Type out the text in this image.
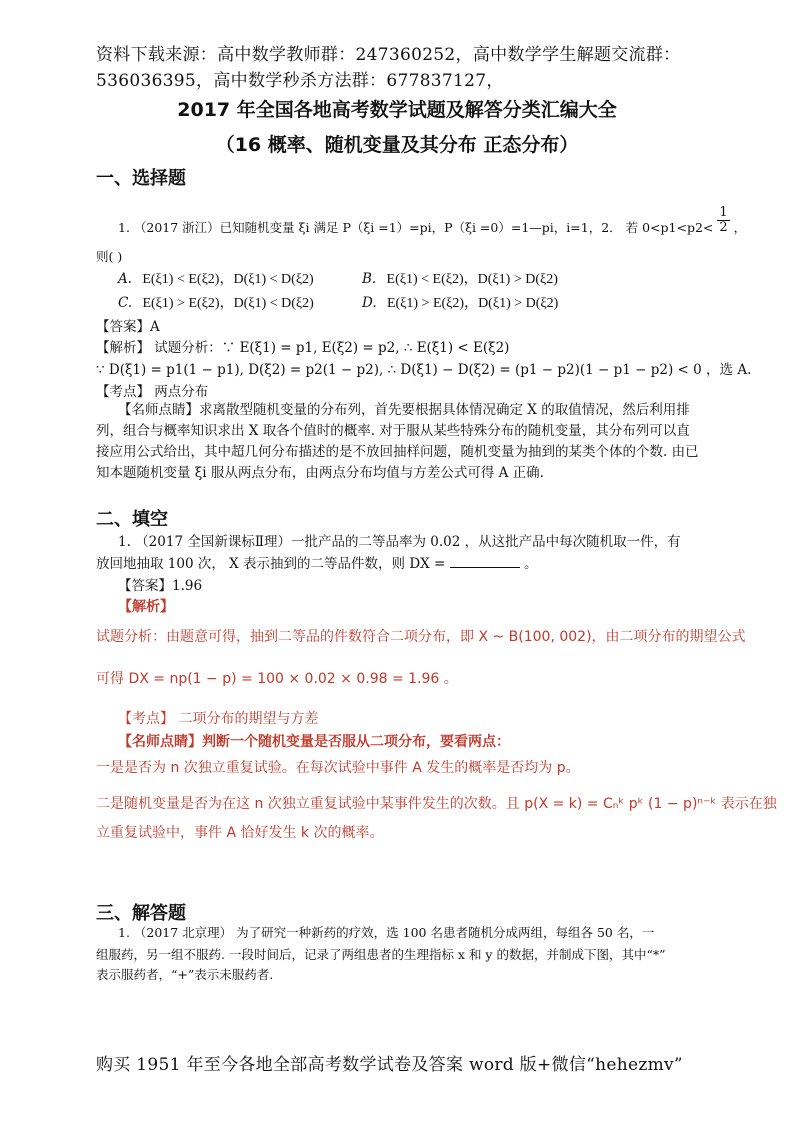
资料下载来源：高中数学教师群：247360252，高中数学学生解题交流群：
536036395，高中数学秒杀方法群：677837127，
2017 年全国各地高考数学试题及解答分类汇编大全
（16 概率、随机变量及其分布 正态分布）
一、选择题
1. （2017 浙江）已知随机变量 ξi 满足 P（ξi =1）=pi，P（ξi =0）=1—pi，i=1，2． 若 $0<p1<p2< \frac{1}{2}$ ，
则( )
A. E(ξ1) < E(ξ2)，D(ξ1) < D(ξ2)	B. E(ξ1) < E(ξ2)，D(ξ1) > D(ξ2)
C. E(ξ1) > E(ξ2)，D(ξ1) < D(ξ2)	D. E(ξ1) > E(ξ2)，D(ξ1) > D(ξ2)
【答案】A
【解析】 试题分析：∵ E(ξ1) = p1, E(ξ2) = p2, ∴ E(ξ1) < E(ξ2)
∵ D(ξ1) = p1(1 − p1), D(ξ2) = p2(1 − p2), ∴ D(ξ1) − D(ξ2) = (p1 − p2)(1 − p1 − p2) < 0 ，选 A.
【考点】 两点分布
【名师点睛】求离散型随机变量的分布列，首先要根据具体情况确定 X 的取值情况，然后利用排列，组合与概率知识求出 X 取各个值时的概率. 对于服从某些特殊分布的随机变量，其分布列可以直接应用公式给出，其中超几何分布描述的是不放回抽样问题，随机变量为抽到的某类个体的个数. 由已知本题随机变量 ξi 服从两点分布，由两点分布均值与方差公式可得 A 正确.
二、填空
1. （2017 全国新课标Ⅱ理）一批产品的二等品率为 0.02 ，从这批产品中每次随机取一件，有
放回地抽取 100 次， X 表示抽到的二等品件数，则 DX =	。
【答案】1.96
【解析】
试题分析：由题意可得，抽到二等品的件数符合二项分布，即 X ~ B(100, 002)，由二项分布的期望公式
可得 DX = np(1 − p) = 100 × 0.02 × 0.98 = 1.96 。
【考点】 二项分布的期望与方差
【名师点睛】判断一个随机变量是否服从二项分布，要看两点：
一是是否为 n 次独立重复试验。在每次试验中事件 A 发生的概率是否均为 p。
二是随机变量是否为在这 n 次独立重复试验中某事件发生的次数。且 p(X = k) = Cₙᵏ pᵏ (1 − p)ⁿ⁻ᵏ 表示在独
立重复试验中，事件 A 恰好发生 k 次的概率。
三、解答题
1. （2017 北京理） 为了研究一种新药的疗效，选 100 名患者随机分成两组，每组各 50 名，一
组服药，另一组不服药. 一段时间后，记录了两组患者的生理指标 x 和 y 的数据，并制成下图，其中“*”
表示服药者，“+”表示未服药者.
购买 1951 年至今各地全部高考数学试卷及答案 word 版+微信“hehezmv”
